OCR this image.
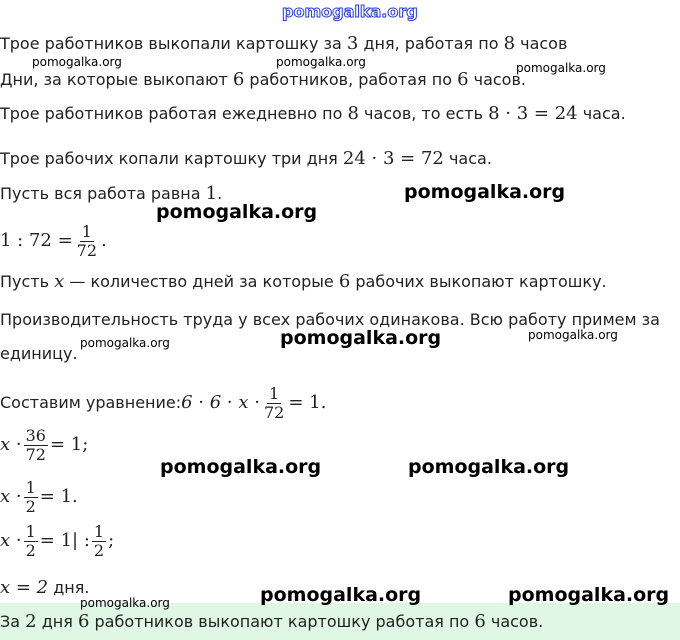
pomogalka.org
Трое работников выкопали картошку за 3 дня, работая по 8 часов
pomogalka.org	pomogalka.org
Дни, за которые выкопают 6 работников, работая по 6 часов.
pomogalka.org
Трое работников работая ежедневно по 8 часов, то есть 8 · 3 = 24 часа.
Трое рабочих копали картошку три дня 24 · 3 = 72 часа.
Пусть вся работа равна 1.	pomogalka.org
pomogalka.org
1 : $72 = \frac{1}{72}$ .
Пусть x — количество дней за которые 6 рабочих выкопают картошку.
Производительность труда у всех рабочих одинакова. Всю работу примем за
единицу.
pomogalka.org	pomogalka.org	pomogalka.org
Составим уравнение:6 · $6 \cdot x \cdot \frac{1}{72} = 1$.
$x \cdot \frac{36}{72} = 1$;
pomogalka.org	pomogalka.org
$x \cdot \frac{1}{2} = 1$.
$x \cdot \frac{1}{2} = 1|$ : $\frac{1}{2}$ ;
x = 2 дня.
pomogalka.org	pomogalka.org	pomogalka.org
За 2 дня 6 работников выкопают картошку работая по 6 часов.
